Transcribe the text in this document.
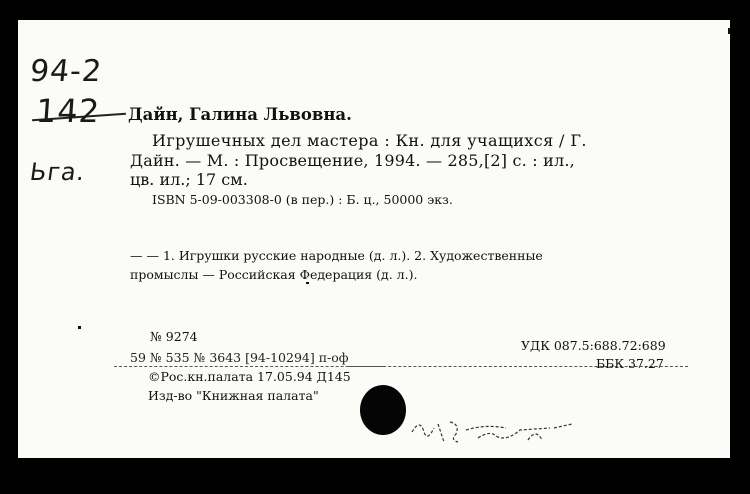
94-2
142
Ьга.
Дайн, Галина Львовна.
Игрушечных дел мастера : Кн. для учащихся / Г.
Дайн. — М. : Просвещение, 1994. — 285,[2] с. : ил.,
цв. ил.; 17 см.
ISBN 5-09-003308-0 (в пер.) : Б. ц., 50000 экз.
— — 1. Игрушки русские народные (д. л.). 2. Художественные
промыслы — Российская Федерация (д. л.).
№ 9274
59 № 535 № 3643 [94-10294] п-оф
УДК 087.5:688.72:689
ББК 37.27
©Рос.кн.палата 17.05.94 Д145
Изд-во "Книжная палата"
